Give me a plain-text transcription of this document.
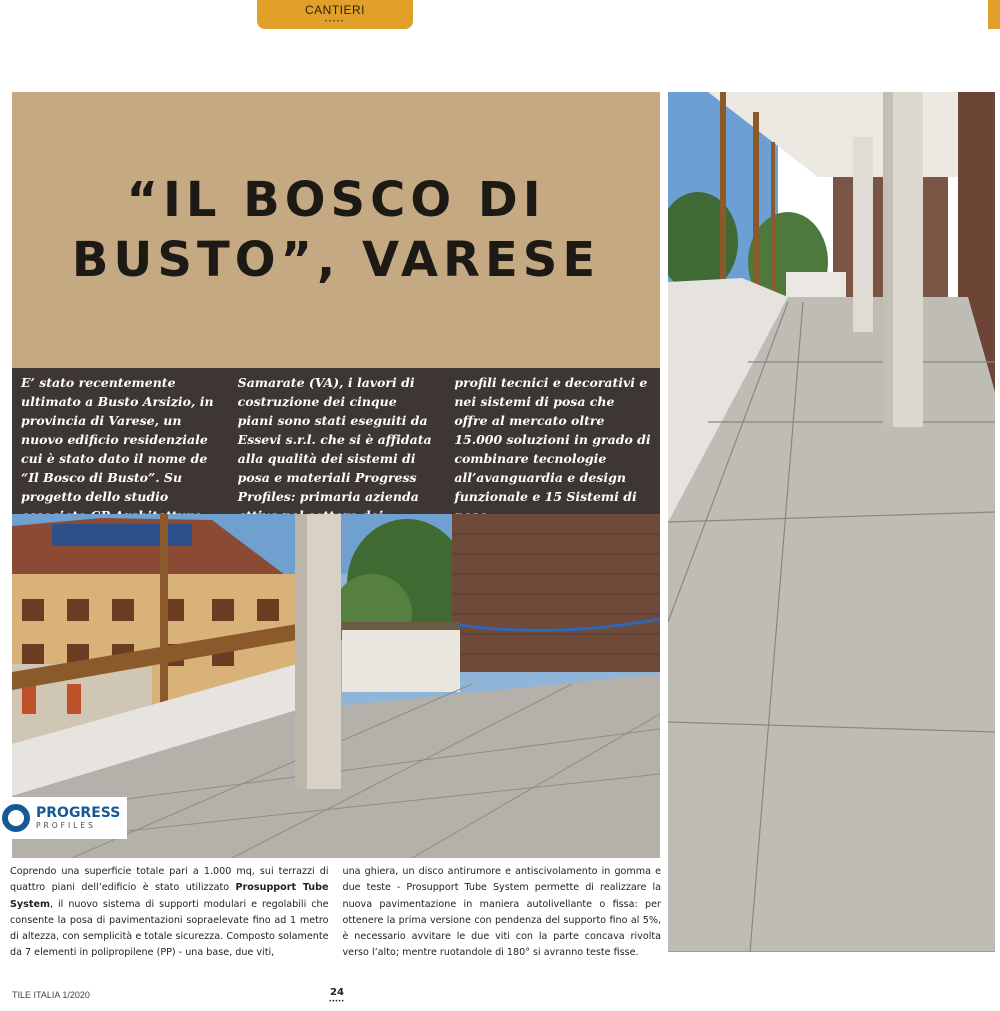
CANTIERI
•••••
“IL BOSCO DI
BUSTO”, VARESE

E’ stato recentemente ultimato a Busto Arsizio, in provincia di Varese, un nuovo edificio residenziale cui è stato dato il nome de “Il Bosco di Busto”. Su progetto dello studio

Samarate (VA), i lavori di costruzione dei cinque piani sono stati eseguiti da Essevi s.r.l. che si è affidata alla qualità dei sistemi di posa e materiali Progress Profiles: primaria azienda

profili tecnici e decorativi e nei sistemi di posa che offre al mercato oltre 15.000 soluzioni in grado di combinare tecnologie all’avanguardia e design funzionale e 15 Sistemi di

PROGRESS
PROFILES

Coprendo una superficie totale pari a 1.000 mq, sui terrazzi di quattro piani dell’edificio è stato utilizzato Prosupport Tube System, il nuovo sistema di supporti modulari e regolabili che consente la posa di pavimentazioni sopraelevate fino ad 1 metro di altezza, con semplicità e totale sicurezza. Composto solamente da 7 elementi in polipropilene (PP) - una base, due viti,

una ghiera, un disco antirumore e antiscivolamento in gomma e due teste - Prosupport Tube System permette di realizzare la nuova pavimentazione in maniera autolivellante o fissa: per ottenere la prima versione con pendenza del supporto fino al 5%, è necessario avvitare le due viti con la parte concava rivolta verso l’alto; mentre ruotandole di 180° si avranno teste fisse.

TILE ITALIA 1/2020	24
•••••
